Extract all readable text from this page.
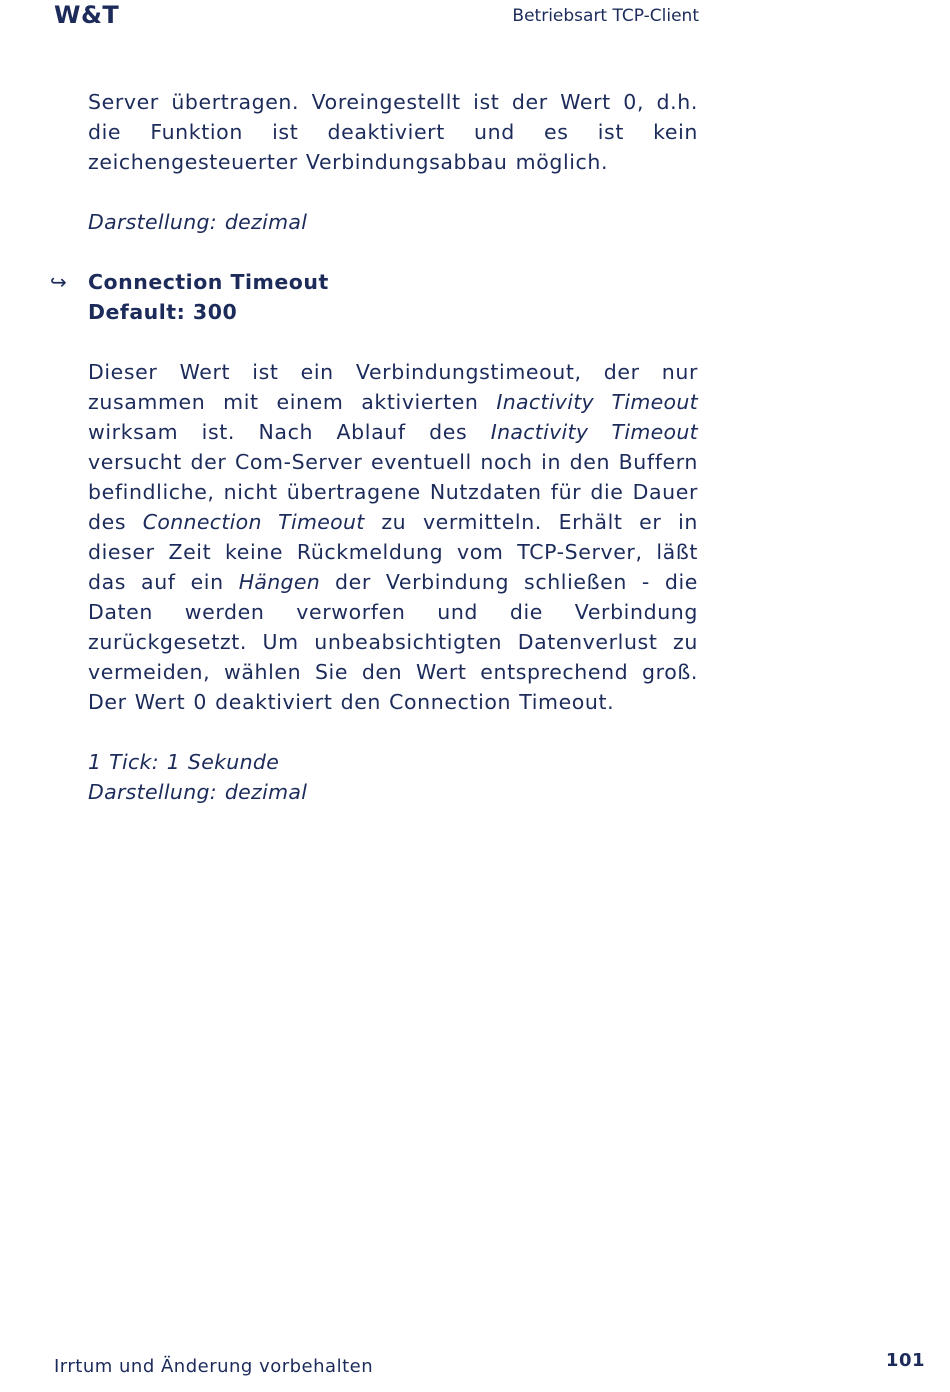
W&T	Betriebsart TCP-Client

Server übertragen. Voreingestellt ist der Wert 0, d.h. die Funktion ist deaktiviert und es ist kein zeichengesteuerter Verbindungsabbau möglich.

Darstellung: dezimal

↪ Connection Timeout
Default: 300

Dieser Wert ist ein Verbindungstimeout, der nur zusammen mit einem aktivierten Inactivity Timeout wirksam ist. Nach Ablauf des Inactivity Timeout versucht der Com-Server eventuell noch in den Buffern befindliche, nicht übertragene Nutzdaten für die Dauer des Connection Timeout zu vermitteln. Erhält er in dieser Zeit keine Rückmeldung vom TCP-Server, läßt das auf ein Hängen der Verbindung schließen - die Daten werden verworfen und die Verbindung zurückgesetzt. Um unbeabsichtigten Datenverlust zu vermeiden, wählen Sie den Wert entsprechend groß. Der Wert 0 deaktiviert den Connection Timeout.

1 Tick: 1 Sekunde

Darstellung: dezimal

Irrtum und Änderung vorbehalten	101
